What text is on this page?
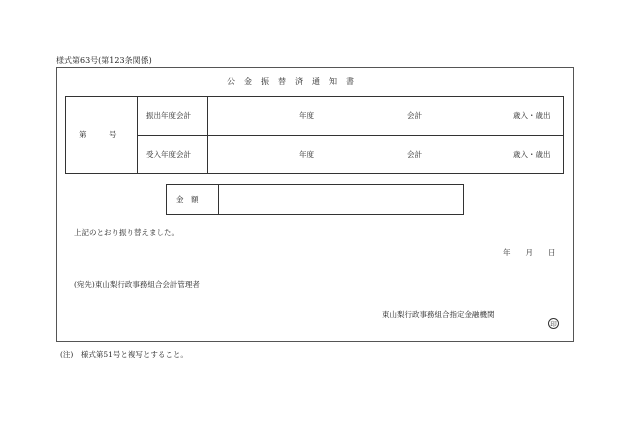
様式第63号(第123条関係)
公　金　振　替　済　通　知　書
第　　　号
振出年度会計	年度	会計	歳入・歳出
受入年度会計	年度	会計	歳入・歳出
金　額
上記のとおり振り替えました。
年　　月　　日
(宛先)東山梨行政事務組合会計管理者
東山梨行政事務組合指定金融機関
印
(注)　様式第51号と複写とすること。
